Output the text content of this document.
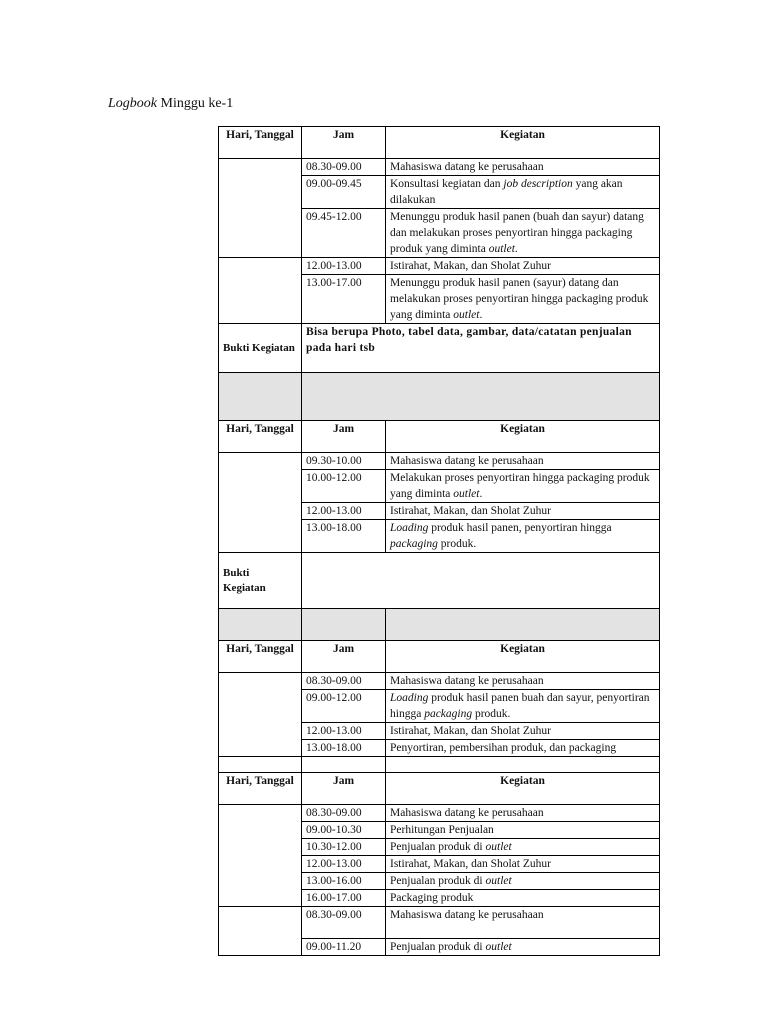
Logbook Minggu ke-1
Hari, Tanggal	Jam	Kegiatan
	08.30-09.00	Mahasiswa datang ke perusahaan
	09.00-09.45	Konsultasi kegiatan dan job description yang akan dilakukan
	09.45-12.00	Menunggu produk hasil panen (buah dan sayur) datang dan melakukan proses penyortiran hingga packaging produk yang diminta outlet.
	12.00-13.00	Istirahat, Makan, dan Sholat Zuhur
	13.00-17.00	Menunggu produk hasil panen (sayur) datang dan melakukan proses penyortiran hingga packaging produk yang diminta outlet.
Bukti Kegiatan	Bisa berupa Photo, tabel data, gambar, data/catatan penjualan pada hari tsb	

Hari, Tanggal	Jam	Kegiatan
	09.30-10.00	Mahasiswa datang ke perusahaan
	10.00-12.00	Melakukan proses penyortiran hingga packaging produk yang diminta outlet.
	12.00-13.00	Istirahat, Makan, dan Sholat Zuhur
	13.00-18.00	Loading produk hasil panen, penyortiran hingga packaging produk.
Bukti
Kegiatan		

Hari, Tanggal	Jam	Kegiatan
	08.30-09.00	Mahasiswa datang ke perusahaan
	09.00-12.00	Loading produk hasil panen buah dan sayur, penyortiran hingga packaging produk.
	12.00-13.00	Istirahat, Makan, dan Sholat Zuhur
	13.00-18.00	Penyortiran, pembersihan produk, dan packaging

Hari, Tanggal	Jam	Kegiatan
	08.30-09.00	Mahasiswa datang ke perusahaan
	09.00-10.30	Perhitungan Penjualan
	10.30-12.00	Penjualan produk di outlet
	12.00-13.00	Istirahat, Makan, dan Sholat Zuhur
	13.00-16.00	Penjualan produk di outlet
	16.00-17.00	Packaging produk
	08.30-09.00	Mahasiswa datang ke perusahaan
	09.00-11.20	Penjualan produk di outlet
